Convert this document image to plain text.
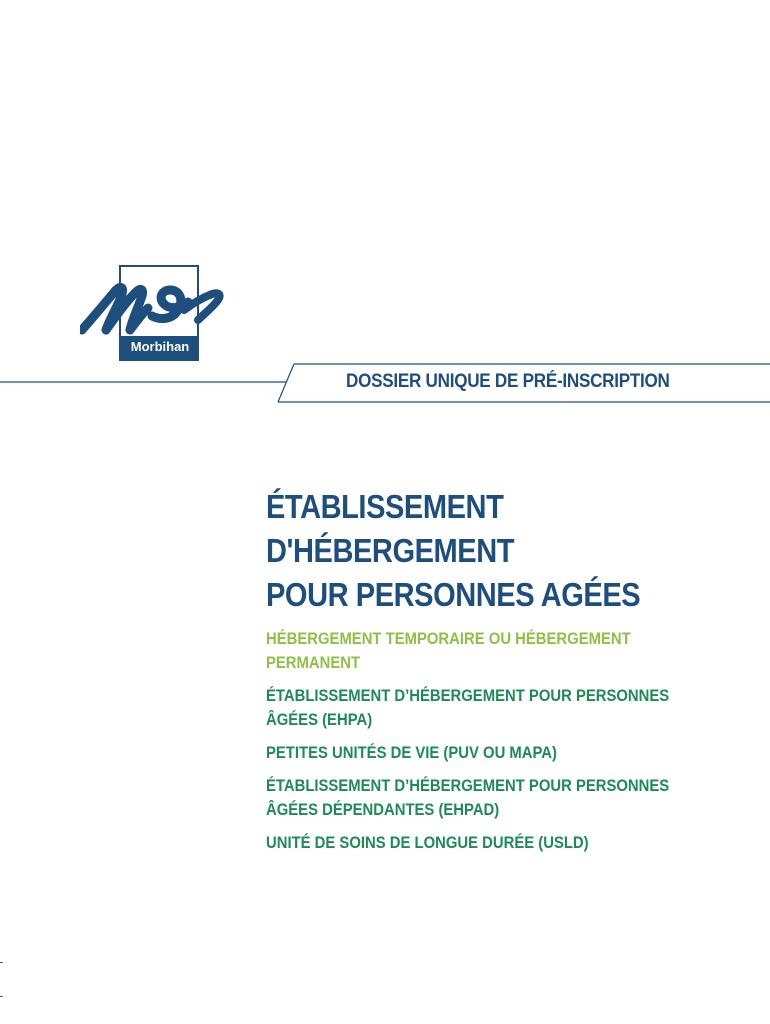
Morbihan
DOSSIER UNIQUE DE PRÉ-INSCRIPTION
ÉTABLISSEMENT
D'HÉBERGEMENT
POUR PERSONNES AGÉES
HÉBERGEMENT TEMPORAIRE OU HÉBERGEMENT PERMANENT
ÉTABLISSEMENT D’HÉBERGEMENT POUR PERSONNES ÂGÉES (EHPA)
PETITES UNITÉS DE VIE (PUV OU MAPA)
ÉTABLISSEMENT D’HÉBERGEMENT POUR PERSONNES ÂGÉES DÉPENDANTES (EHPAD)
UNITÉ DE SOINS DE LONGUE DURÉE (USLD)
